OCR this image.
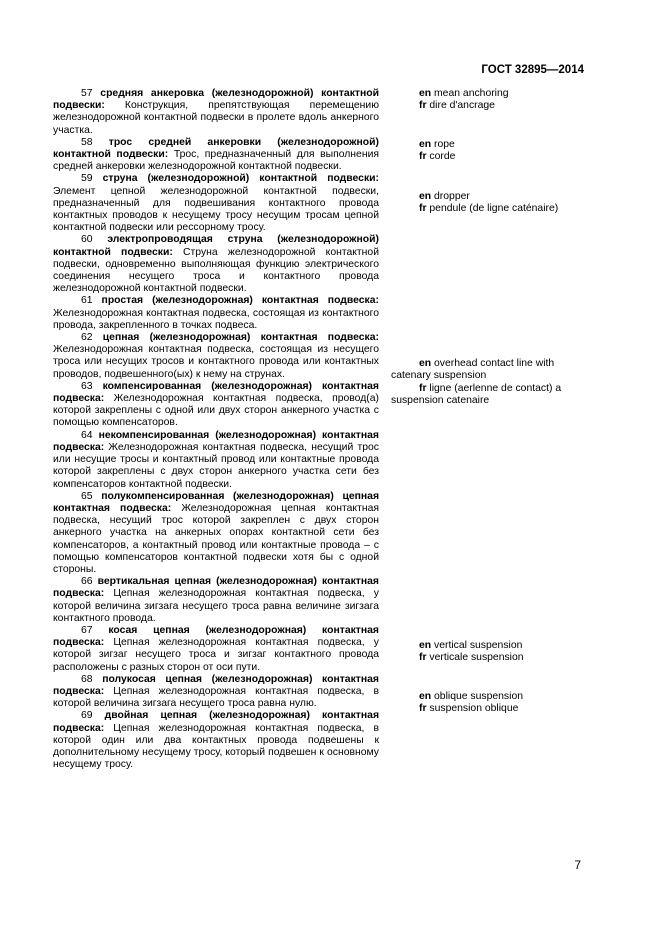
ГОСТ 32895—2014
57 средняя анкеровка (железнодорожной) контактной подвески: Конструкция, препятствующая перемещению железнодорожной контактной подвески в пролете вдоль анкерного участка.
58 трос средней анкеровки (железнодорожной) контактной подвески: Трос, предназначенный для выполнения средней анкеровки железнодорожной контактной подвески.
59 струна (железнодорожной) контактной подвески: Элемент цепной железнодорожной контактной подвески, предназначенный для подвешивания контактного провода контактных проводов к несущему тросу несущим тросам цепной контактной подвески или рессорному тросу.
60 электропроводящая струна (железнодорожной) контактной подвески: Струна железнодорожной контактной подвески, одновременно выполняющая функцию электрического соединения несущего троса и контактного провода железнодорожной контактной подвески.
61 простая (железнодорожная) контактная подвеска: Железнодорожная контактная подвеска, состоящая из контактного провода, закрепленного в точках подвеса.
62 цепная (железнодорожная) контактная подвеска: Железнодорожная контактная подвеска, состоящая из несущего троса или несущих тросов и контактного провода или контактных проводов, подвешенного(ых) к нему на струнах.
63 компенсированная (железнодорожная) контактная подвеска: Железнодорожная контактная подвеска, провод(а) которой закреплены с одной или двух сторон анкерного участка с помощью компенсаторов.
64 некомпенсированная (железнодорожная) контактная подвеска: Железнодорожная контактная подвеска, несущий трос или несущие тросы и контактный провод или контактные провода которой закреплены с двух сторон анкерного участка сети без компенсаторов контактной подвески.
65 полукомпенсированная (железнодорожная) цепная контактная подвеска: Железнодорожная цепная контактная подвеска, несущий трос которой закреплен с двух сторон анкерного участка на анкерных опорах контактной сети без компенсаторов, а контактный провод или контактные провода – с помощью компенсаторов контактной подвески хотя бы с одной стороны.
66 вертикальная цепная (железнодорожная) контактная подвеска: Цепная железнодорожная контактная подвеска, у которой величина зигзага несущего троса равна величине зигзага контактного провода.
67 косая цепная (железнодорожная) контактная подвеска: Цепная железнодорожная контактная подвеска, у которой зигзаг несущего троса и зигзаг контактного провода расположены с разных сторон от оси пути.
68 полукосая цепная (железнодорожная) контактная подвеска: Цепная железнодорожная контактная подвеска, в которой величина зигзага несущего троса равна нулю.
69 двойная цепная (железнодорожная) контактная подвеска: Цепная железнодорожная контактная подвеска, в которой один или два контактных провода подвешены к дополнительному несущему тросу, который подвешен к основному несущему тросу.
en mean anchoring
fr dire d'ancrage
en rope
fr corde
en dropper
fr pendule (de ligne caténaire)
en overhead contact line with catenary suspension
fr ligne (aerlenne de contact) a suspension catenaire
en vertical suspension
fr verticale suspension
en oblique suspension
fr suspension oblique
7
